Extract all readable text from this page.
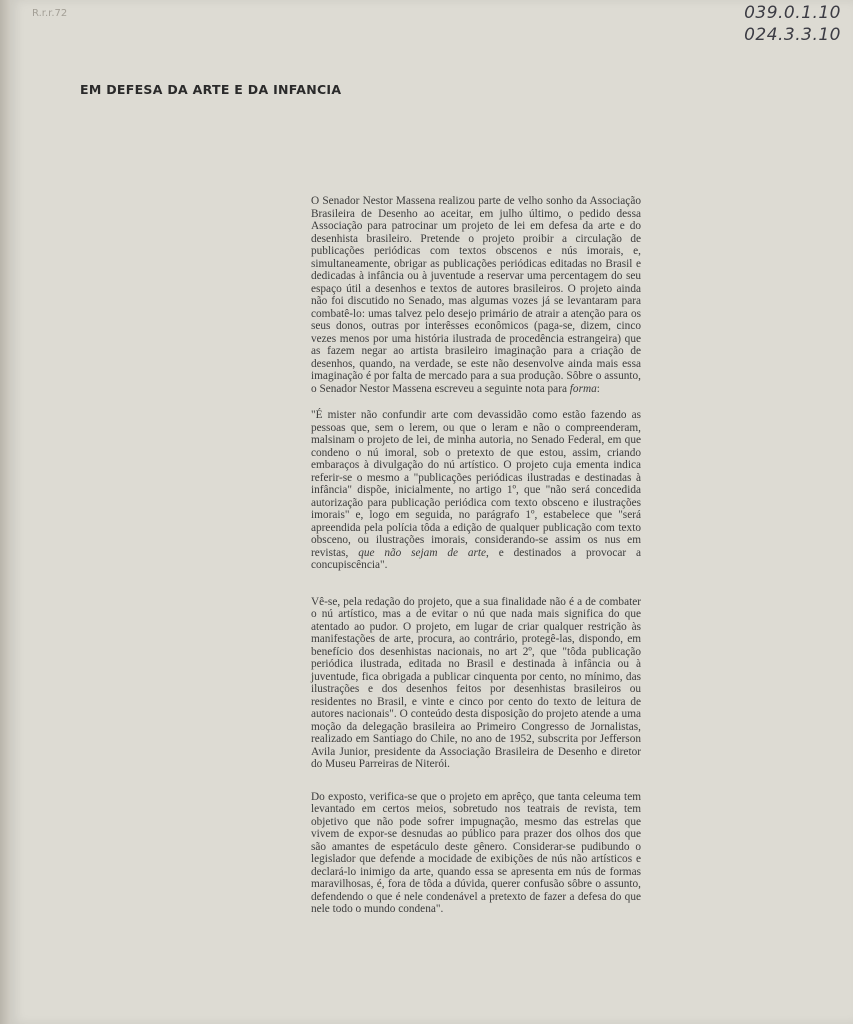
R.r.r.72	039.0.1.10
024.3.3.10
EM DEFESA DA ARTE E DA INFANCIA

O Senador Nestor Massena realizou parte de velho sonho da Associação Brasileira de Desenho ao aceitar, em julho último, o pedido dessa Associação para patrocinar um projeto de lei em defesa da arte e do desenhista brasileiro. Pretende o projeto proibir a circulação de publicações periódicas com textos obscenos e nús imorais, e, simultaneamente, obrigar as publicações periódicas editadas no Brasil e dedicadas à infância ou à juventude a reservar uma percentagem do seu espaço útil a desenhos e textos de autores brasileiros. O projeto ainda não foi discutido no Senado, mas algumas vozes já se levantaram para combatê-lo: umas talvez pelo desejo primário de atrair a atenção para os seus donos, outras por interêsses econômicos (paga-se, dizem, cinco vezes menos por uma história ilustrada de procedência estrangeira) que as fazem negar ao artista brasileiro imaginação para a criação de desenhos, quando, na verdade, se este não desenvolve ainda mais essa imaginação é por falta de mercado para a sua produção. Sôbre o assunto, o Senador Nestor Massena escreveu a seguinte nota para forma:

"É mister não confundir arte com devassidão como estão fazendo as pessoas que, sem o lerem, ou que o leram e não o compreenderam, malsinam o projeto de lei, de minha autoria, no Senado Federal, em que condeno o nú imoral, sob o pretexto de que estou, assim, criando embaraços à divulgação do nú artístico. O projeto cuja ementa indica referir-se o mesmo a "publicações periódicas ilustradas e destinadas à infância" dispõe, inicialmente, no artigo 1º, que "não será concedida autorização para publicação periódica com texto obsceno e ilustrações imorais" e, logo em seguida, no parágrafo 1º, estabelece que "será apreendida pela polícia tôda a edição de qualquer publicação com texto obsceno, ou ilustrações imorais, considerando-se assim os nus em revistas, que não sejam de arte, e destinados a provocar a concupiscência".

Vê-se, pela redação do projeto, que a sua finalidade não é a de combater o nú artístico, mas a de evitar o nú que nada mais significa do que atentado ao pudor. O projeto, em lugar de criar qualquer restrição às manifestações de arte, procura, ao contrário, protegê-las, dispondo, em benefício dos desenhistas nacionais, no art 2º, que "tôda publicação periódica ilustrada, editada no Brasil e destinada à infância ou à juventude, fica obrigada a publicar cinquenta por cento, no mínimo, das ilustrações e dos desenhos feitos por desenhistas brasileiros ou residentes no Brasil, e vinte e cinco por cento do texto de leitura de autores nacionais". O conteúdo desta disposição do projeto atende a uma moção da delegação brasileira ao Primeiro Congresso de Jornalistas, realizado em Santiago do Chile, no ano de 1952, subscrita por Jefferson Avila Junior, presidente da Associação Brasileira de Desenho e diretor do Museu Parreiras de Niterói.

Do exposto, verifica-se que o projeto em aprêço, que tanta celeuma tem levantado em certos meios, sobretudo nos teatrais de revista, tem objetivo que não pode sofrer impugnação, mesmo das estrelas que vivem de expor-se desnudas ao público para prazer dos olhos dos que são amantes de espetáculo deste gênero. Considerar-se pudibundo o legislador que defende a mocidade de exibições de nús não artísticos e declará-lo inimigo da arte, quando essa se apresenta em nús de formas maravilhosas, é, fora de tôda a dúvida, querer confusão sôbre o assunto, defendendo o que é nele condenável a pretexto de fazer a defesa do que nele todo o mundo condena".
